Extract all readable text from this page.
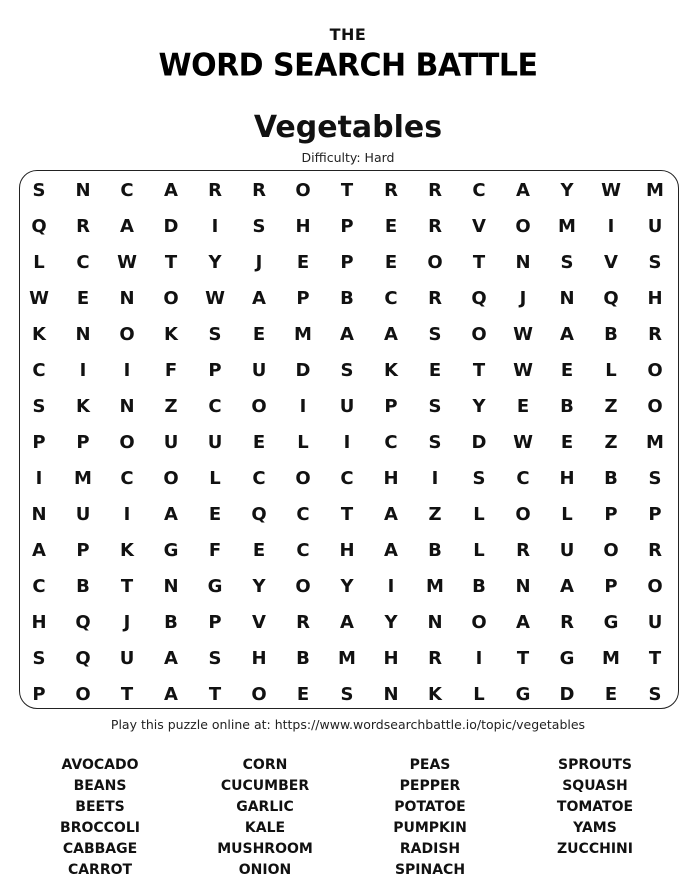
THE
WORD SEARCH BATTLE
Vegetables
Difficulty: Hard
S	N	C	A	R	R	O	T	R	R	C	A	Y	W	M
Q	R	A	D	I	S	H	P	E	R	V	O	M	I	U
L	C	W	T	Y	J	E	P	E	O	T	N	S	V	S
W	E	N	O	W	A	P	B	C	R	Q	J	N	Q	H
K	N	O	K	S	E	M	A	A	S	O	W	A	B	R
C	I	I	F	P	U	D	S	K	E	T	W	E	L	O
S	K	N	Z	C	O	I	U	P	S	Y	E	B	Z	O
P	P	O	U	U	E	L	I	C	S	D	W	E	Z	M
I	M	C	O	L	C	O	C	H	I	S	C	H	B	S
N	U	I	A	E	Q	C	T	A	Z	L	O	L	P	P
A	P	K	G	F	E	C	H	A	B	L	R	U	O	R
C	B	T	N	G	Y	O	Y	I	M	B	N	A	P	O
H	Q	J	B	P	V	R	A	Y	N	O	A	R	G	U
S	Q	U	A	S	H	B	M	H	R	I	T	G	M	T
P	O	T	A	T	O	E	S	N	K	L	G	D	E	S
Play this puzzle online at: https://www.wordsearchbattle.io/topic/vegetables
AVOCADO
BEANS
BEETS
BROCCOLI
CABBAGE
CARROT
CORN
CUCUMBER
GARLIC
KALE
MUSHROOM
ONION
PEAS
PEPPER
POTATOE
PUMPKIN
RADISH
SPINACH
SPROUTS
SQUASH
TOMATOE
YAMS
ZUCCHINI
